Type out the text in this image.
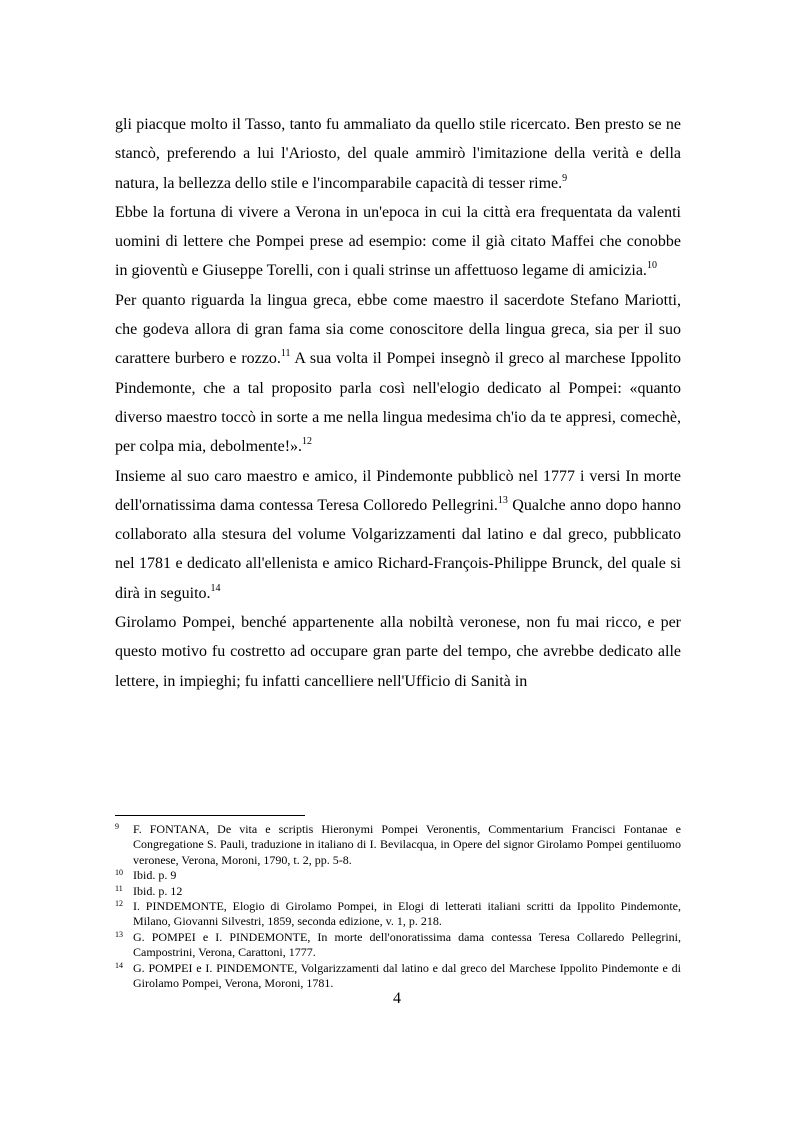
gli piacque molto il Tasso, tanto fu ammaliato da quello stile ricercato. Ben presto se ne stancò, preferendo a lui l'Ariosto, del quale ammirò l'imitazione della verità e della natura, la bellezza dello stile e l'incomparabile capacità di tesser rime.$^9$

Ebbe la fortuna di vivere a Verona in un'epoca in cui la città era frequentata da valenti uomini di lettere che Pompei prese ad esempio: come il già citato Maffei che conobbe in gioventù e Giuseppe Torelli, con i quali strinse un affettuoso legame di amicizia.$^{10}$

Per quanto riguarda la lingua greca, ebbe come maestro il sacerdote Stefano Mariotti, che godeva allora di gran fama sia come conoscitore della lingua greca, sia per il suo carattere burbero e rozzo.$^{11}$ A sua volta il Pompei insegnò il greco al marchese Ippolito Pindemonte, che a tal proposito parla così nell'elogio dedicato al Pompei: «quanto diverso maestro toccò in sorte a me nella lingua medesima ch'io da te appresi, comechè, per colpa mia, debolmente!».$^{12}$

Insieme al suo caro maestro e amico, il Pindemonte pubblicò nel 1777 i versi In morte dell'ornatissima dama contessa Teresa Colloredo Pellegrini.$^{13}$ Qualche anno dopo hanno collaborato alla stesura del volume Volgarizzamenti dal latino e dal greco, pubblicato nel 1781 e dedicato all'ellenista e amico Richard-François-Philippe Brunck, del quale si dirà in seguito.$^{14}$

Girolamo Pompei, benché appartenente alla nobiltà veronese, non fu mai ricco, e per questo motivo fu costretto ad occupare gran parte del tempo, che avrebbe dedicato alle lettere, in impieghi; fu infatti cancelliere nell'Ufficio di Sanità in

9	F. FONTANA, De vita e scriptis Hieronymi Pompei Veronentis, Commentarium Francisci Fontanae e Congregatione S. Pauli, traduzione in italiano di I. Bevilacqua, in Opere del signor Girolamo Pompei gentiluomo veronese, Verona, Moroni, 1790, t. 2, pp. 5-8.
10 Ibid. p. 9
11 Ibid. p. 12
12 I. PINDEMONTE, Elogio di Girolamo Pompei, in Elogi di letterati italiani scritti da Ippolito Pindemonte, Milano, Giovanni Silvestri, 1859, seconda edizione, v. 1, p. 218.
13 G. POMPEI e I. PINDEMONTE, In morte dell'onoratissima dama contessa Teresa Collaredo Pellegrini, Campostrini, Verona, Carattoni, 1777.
14 G. POMPEI e I. PINDEMONTE, Volgarizzamenti dal latino e dal greco del Marchese Ippolito Pindemonte e di Girolamo Pompei, Verona, Moroni, 1781.
4
